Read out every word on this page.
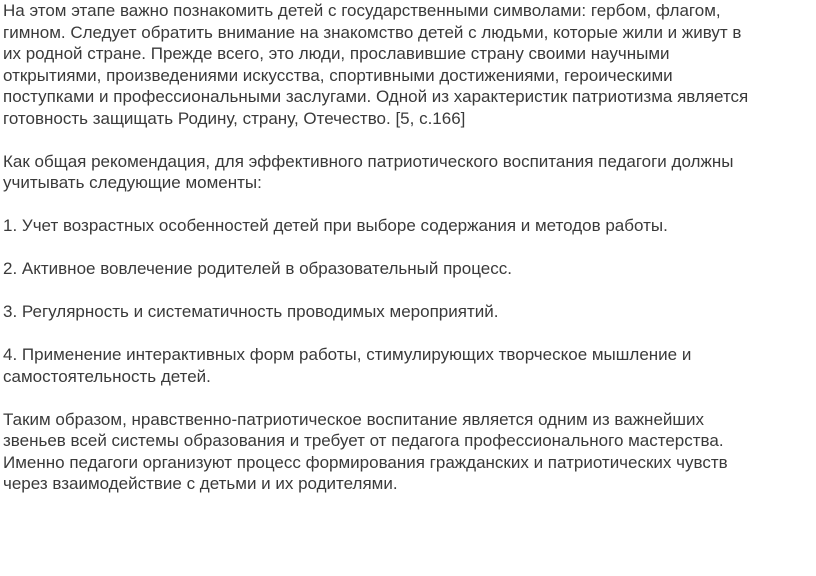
На этом этапе важно познакомить детей с государственными символами: гербом, флагом,
гимном. Следует обратить внимание на знакомство детей с людьми, которые жили и живут в
их родной стране. Прежде всего, это люди, прославившие страну своими научными
открытиями, произведениями искусства, спортивными достижениями, героическими
поступками и профессиональными заслугами. Одной из характеристик патриотизма является
готовность защищать Родину, страну, Отечество. [5, с.166]

Как общая рекомендация, для эффективного патриотического воспитания педагоги должны
учитывать следующие моменты:

1. Учет возрастных особенностей детей при выборе содержания и методов работы.

2. Активное вовлечение родителей в образовательный процесс.

3. Регулярность и систематичность проводимых мероприятий.

4. Применение интерактивных форм работы, стимулирующих творческое мышление и
самостоятельность детей.

Таким образом, нравственно-патриотическое воспитание является одним из важнейших
звеньев всей системы образования и требует от педагога профессионального мастерства.
Именно педагоги организуют процесс формирования гражданских и патриотических чувств
через взаимодействие с детьми и их родителями.
